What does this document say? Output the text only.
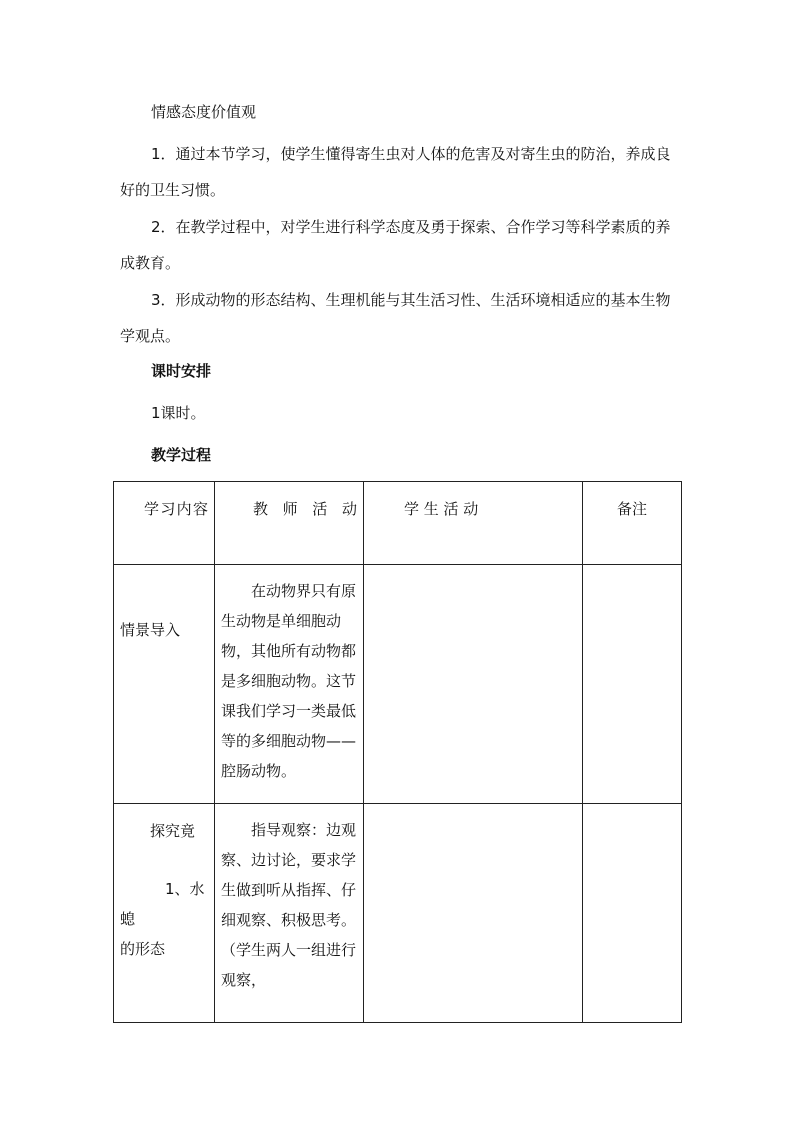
情感态度价值观

1．通过本节学习，使学生懂得寄生虫对人体的危害及对寄生虫的防治，养成良好的卫生习惯。

2．在教学过程中，对学生进行科学态度及勇于探索、合作学习等科学素质的养成教育。

3．形成动物的形态结构、生理机能与其生活习性、生活环境相适应的基本生物学观点。

课时安排

1课时。

教学过程

学习内容	教师活动	学 生 活 动	备注

情景导入	在动物界只有原生动物是单细胞动物，其他所有动物都是多细胞动物。这节课我们学习一类最低等的多细胞动物——腔肠动物。		

探究竟
1、水螅
的形态	指导观察：边观察、边讨论，要求学生做到听从指挥、仔细观察、积极思考。（学生两人一组进行观察，		
